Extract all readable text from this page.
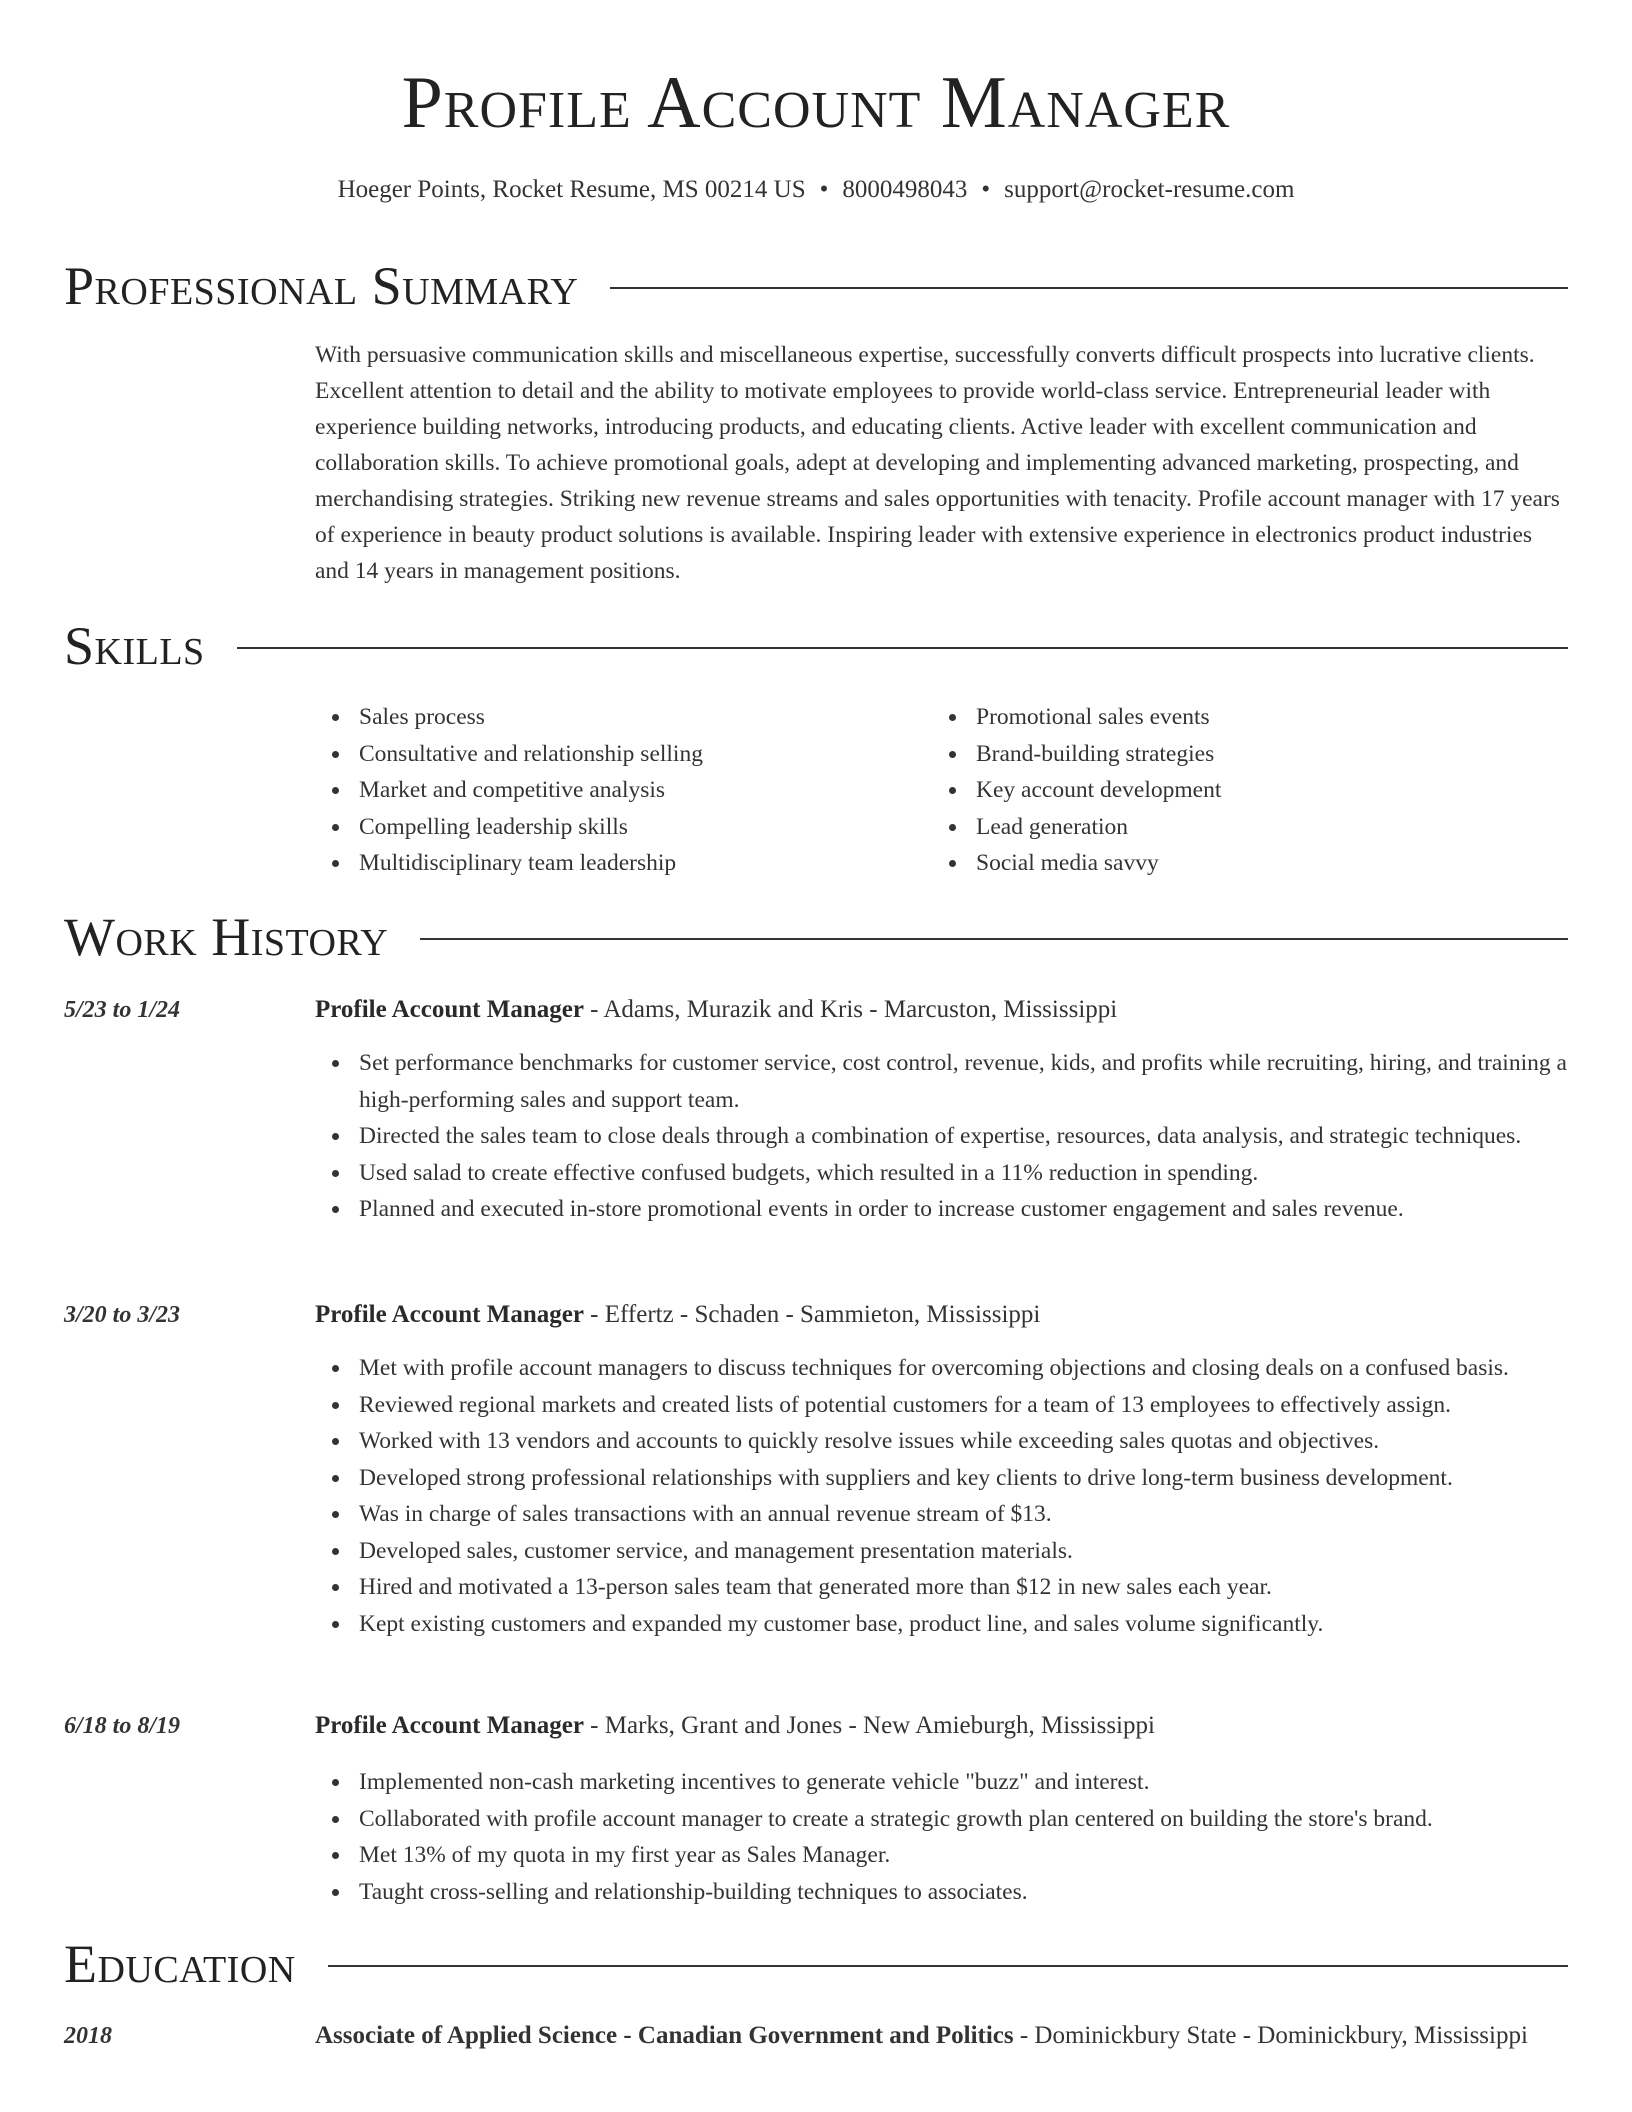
Profile Account Manager
Hoeger Points, Rocket Resume, MS 00214 US • 8000498043 • support@rocket-resume.com
Professional Summary

With persuasive communication skills and miscellaneous expertise, successfully converts difficult prospects into lucrative clients. Excellent attention to detail and the ability to motivate employees to provide world-class service. Entrepreneurial leader with experience building networks, introducing products, and educating clients. Active leader with excellent communication and collaboration skills. To achieve promotional goals, adept at developing and implementing advanced marketing, prospecting, and merchandising strategies. Striking new revenue streams and sales opportunities with tenacity. Profile account manager with 17 years of experience in beauty product solutions is available. Inspiring leader with extensive experience in electronics product industries and 14 years in management positions.

Skills
Sales process
Consultative and relationship selling
Market and competitive analysis
Compelling leadership skills
Multidisciplinary team leadership
Promotional sales events
Brand-building strategies
Key account development
Lead generation
Social media savvy
Work History
5/23 to 1/24	Profile Account Manager - Adams, Murazik and Kris - Marcuston, Mississippi
Set performance benchmarks for customer service, cost control, revenue, kids, and profits while recruiting, hiring, and training a high-performing sales and support team.
Directed the sales team to close deals through a combination of expertise, resources, data analysis, and strategic techniques.
Used salad to create effective confused budgets, which resulted in a 11% reduction in spending.
Planned and executed in-store promotional events in order to increase customer engagement and sales revenue.
3/20 to 3/23	Profile Account Manager - Effertz - Schaden - Sammieton, Mississippi
Met with profile account managers to discuss techniques for overcoming objections and closing deals on a confused basis.
Reviewed regional markets and created lists of potential customers for a team of 13 employees to effectively assign.
Worked with 13 vendors and accounts to quickly resolve issues while exceeding sales quotas and objectives.
Developed strong professional relationships with suppliers and key clients to drive long-term business development.
Was in charge of sales transactions with an annual revenue stream of $13.
Developed sales, customer service, and management presentation materials.
Hired and motivated a 13-person sales team that generated more than $12 in new sales each year.
Kept existing customers and expanded my customer base, product line, and sales volume significantly.
6/18 to 8/19	Profile Account Manager - Marks, Grant and Jones - New Amieburgh, Mississippi
Implemented non-cash marketing incentives to generate vehicle "buzz" and interest.
Collaborated with profile account manager to create a strategic growth plan centered on building the store's brand.
Met 13% of my quota in my first year as Sales Manager.
Taught cross-selling and relationship-building techniques to associates.
Education
2018	Associate of Applied Science - Canadian Government and Politics - Dominickbury State - Dominickbury, Mississippi
